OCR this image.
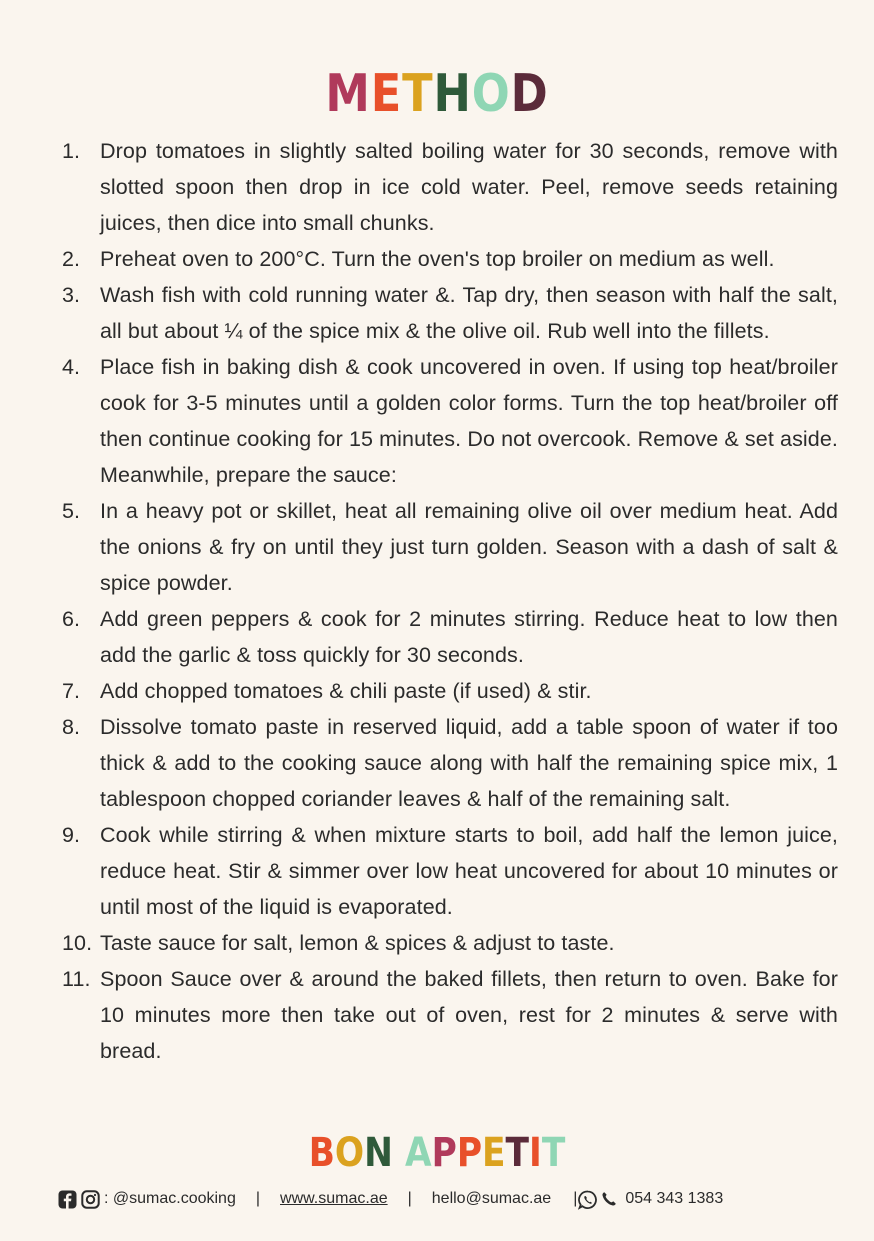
METHOD
1. Drop tomatoes in slightly salted boiling water for 30 seconds, remove with slotted spoon then drop in ice cold water. Peel, remove seeds retaining juices, then dice into small chunks.
2. Preheat oven to 200°C. Turn the oven's top broiler on medium as well.
3. Wash fish with cold running water &. Tap dry, then season with half the salt, all but about ¼ of the spice mix & the olive oil. Rub well into the fillets.
4. Place fish in baking dish & cook uncovered in oven. If using top heat/broiler cook for 3-5 minutes until a golden color forms. Turn the top heat/broiler off then continue cooking for 15 minutes. Do not overcook. Remove & set aside. Meanwhile, prepare the sauce:
5. In a heavy pot or skillet, heat all remaining olive oil over medium heat. Add the onions & fry on until they just turn golden. Season with a dash of salt & spice powder.
6. Add green peppers & cook for 2 minutes stirring. Reduce heat to low then add the garlic & toss quickly for 30 seconds.
7. Add chopped tomatoes & chili paste (if used) & stir.
8. Dissolve tomato paste in reserved liquid, add a table spoon of water if too thick & add to the cooking sauce along with half the remaining spice mix, 1 tablespoon chopped coriander leaves & half of the remaining salt.
9. Cook while stirring & when mixture starts to boil, add half the lemon juice, reduce heat. Stir & simmer over low heat uncovered for about 10 minutes or until most of the liquid is evaporated.
10. Taste sauce for salt, lemon & spices & adjust to taste.
11. Spoon Sauce over & around the baked fillets, then return to oven. Bake for 10 minutes more then take out of oven, rest for 2 minutes & serve with bread.
BON APPETIT
: @sumac.cooking | www.sumac.ae | hello@sumac.ae |	054 343 1383
